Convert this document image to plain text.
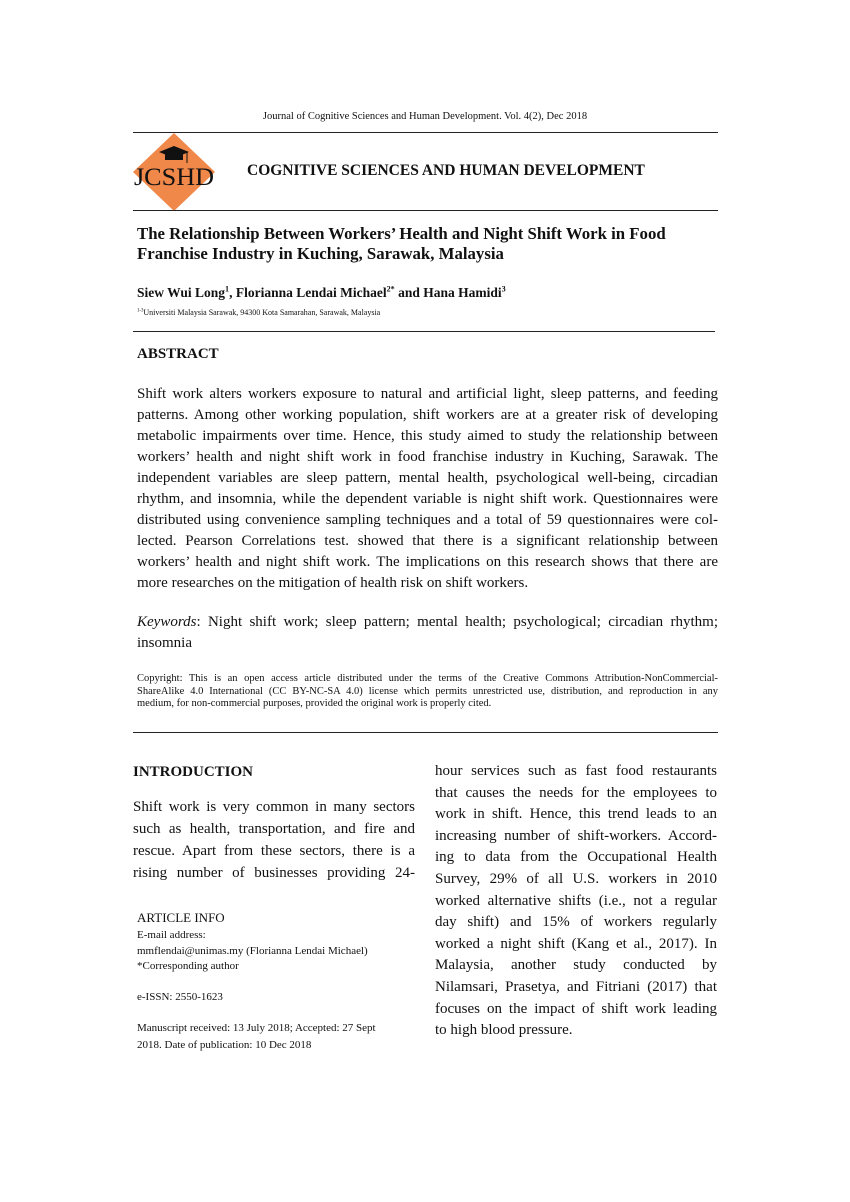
Journal of Cognitive Sciences and Human Development. Vol. 4(2), Dec 2018
JCSHD COGNITIVE SCIENCES AND HUMAN DEVELOPMENT
The Relationship Between Workers’ Health and Night Shift Work in Food
Franchise Industry in Kuching, Sarawak, Malaysia
Siew Wui Long$^1$, Florianna Lendai Michael$^{2*}$ and Hana Hamidi$^3$
$^{1-3}$Universiti Malaysia Sarawak, 94300 Kota Samarahan, Sarawak, Malaysia
ABSTRACT
Shift work alters workers exposure to natural and artificial light, sleep patterns, and feeding
patterns. Among other working population, shift workers are at a greater risk of developing
metabolic impairments over time. Hence, this study aimed to study the relationship between
workers’ health and night shift work in food franchise industry in Kuching, Sarawak. The
independent variables are sleep pattern, mental health, psychological well-being, circadian
rhythm, and insomnia, while the dependent variable is night shift work. Questionnaires were
distributed using convenience sampling techniques and a total of 59 questionnaires were col-
lected. Pearson Correlations test. showed that there is a significant relationship between
workers’ health and night shift work. The implications on this research shows that there are
more researches on the mitigation of health risk on shift workers.
Keywords: Night shift work; sleep pattern; mental health; psychological; circadian rhythm;
insomnia
Copyright: This is an open access article distributed under the terms of the Creative Commons Attribution-NonCommercial-
ShareAlike 4.0 International (CC BY-NC-SA 4.0) license which permits unrestricted use, distribution, and reproduction in any
medium, for non-commercial purposes, provided the original work is properly cited.
INTRODUCTION
Shift work is very common in many sectors
such as health, transportation, and fire and
rescue. Apart from these sectors, there is a
rising number of businesses providing 24-
ARTICLE INFO
E-mail address:
mmflendai@unimas.my (Florianna Lendai Michael)
*Corresponding author
e-ISSN: 2550-1623
Manuscript received: 13 July 2018; Accepted: 27 Sept
2018. Date of publication: 10 Dec 2018
hour services such as fast food restaurants
that causes the needs for the employees to
work in shift. Hence, this trend leads to an
increasing number of shift-workers. Accord-
ing to data from the Occupational Health
Survey, 29% of all U.S. workers in 2010
worked alternative shifts (i.e., not a regular
day shift) and 15% of workers regularly
worked a night shift (Kang et al., 2017). In
Malaysia, another study conducted by
Nilamsari, Prasetya, and Fitriani (2017) that
focuses on the impact of shift work leading
to high blood pressure.
